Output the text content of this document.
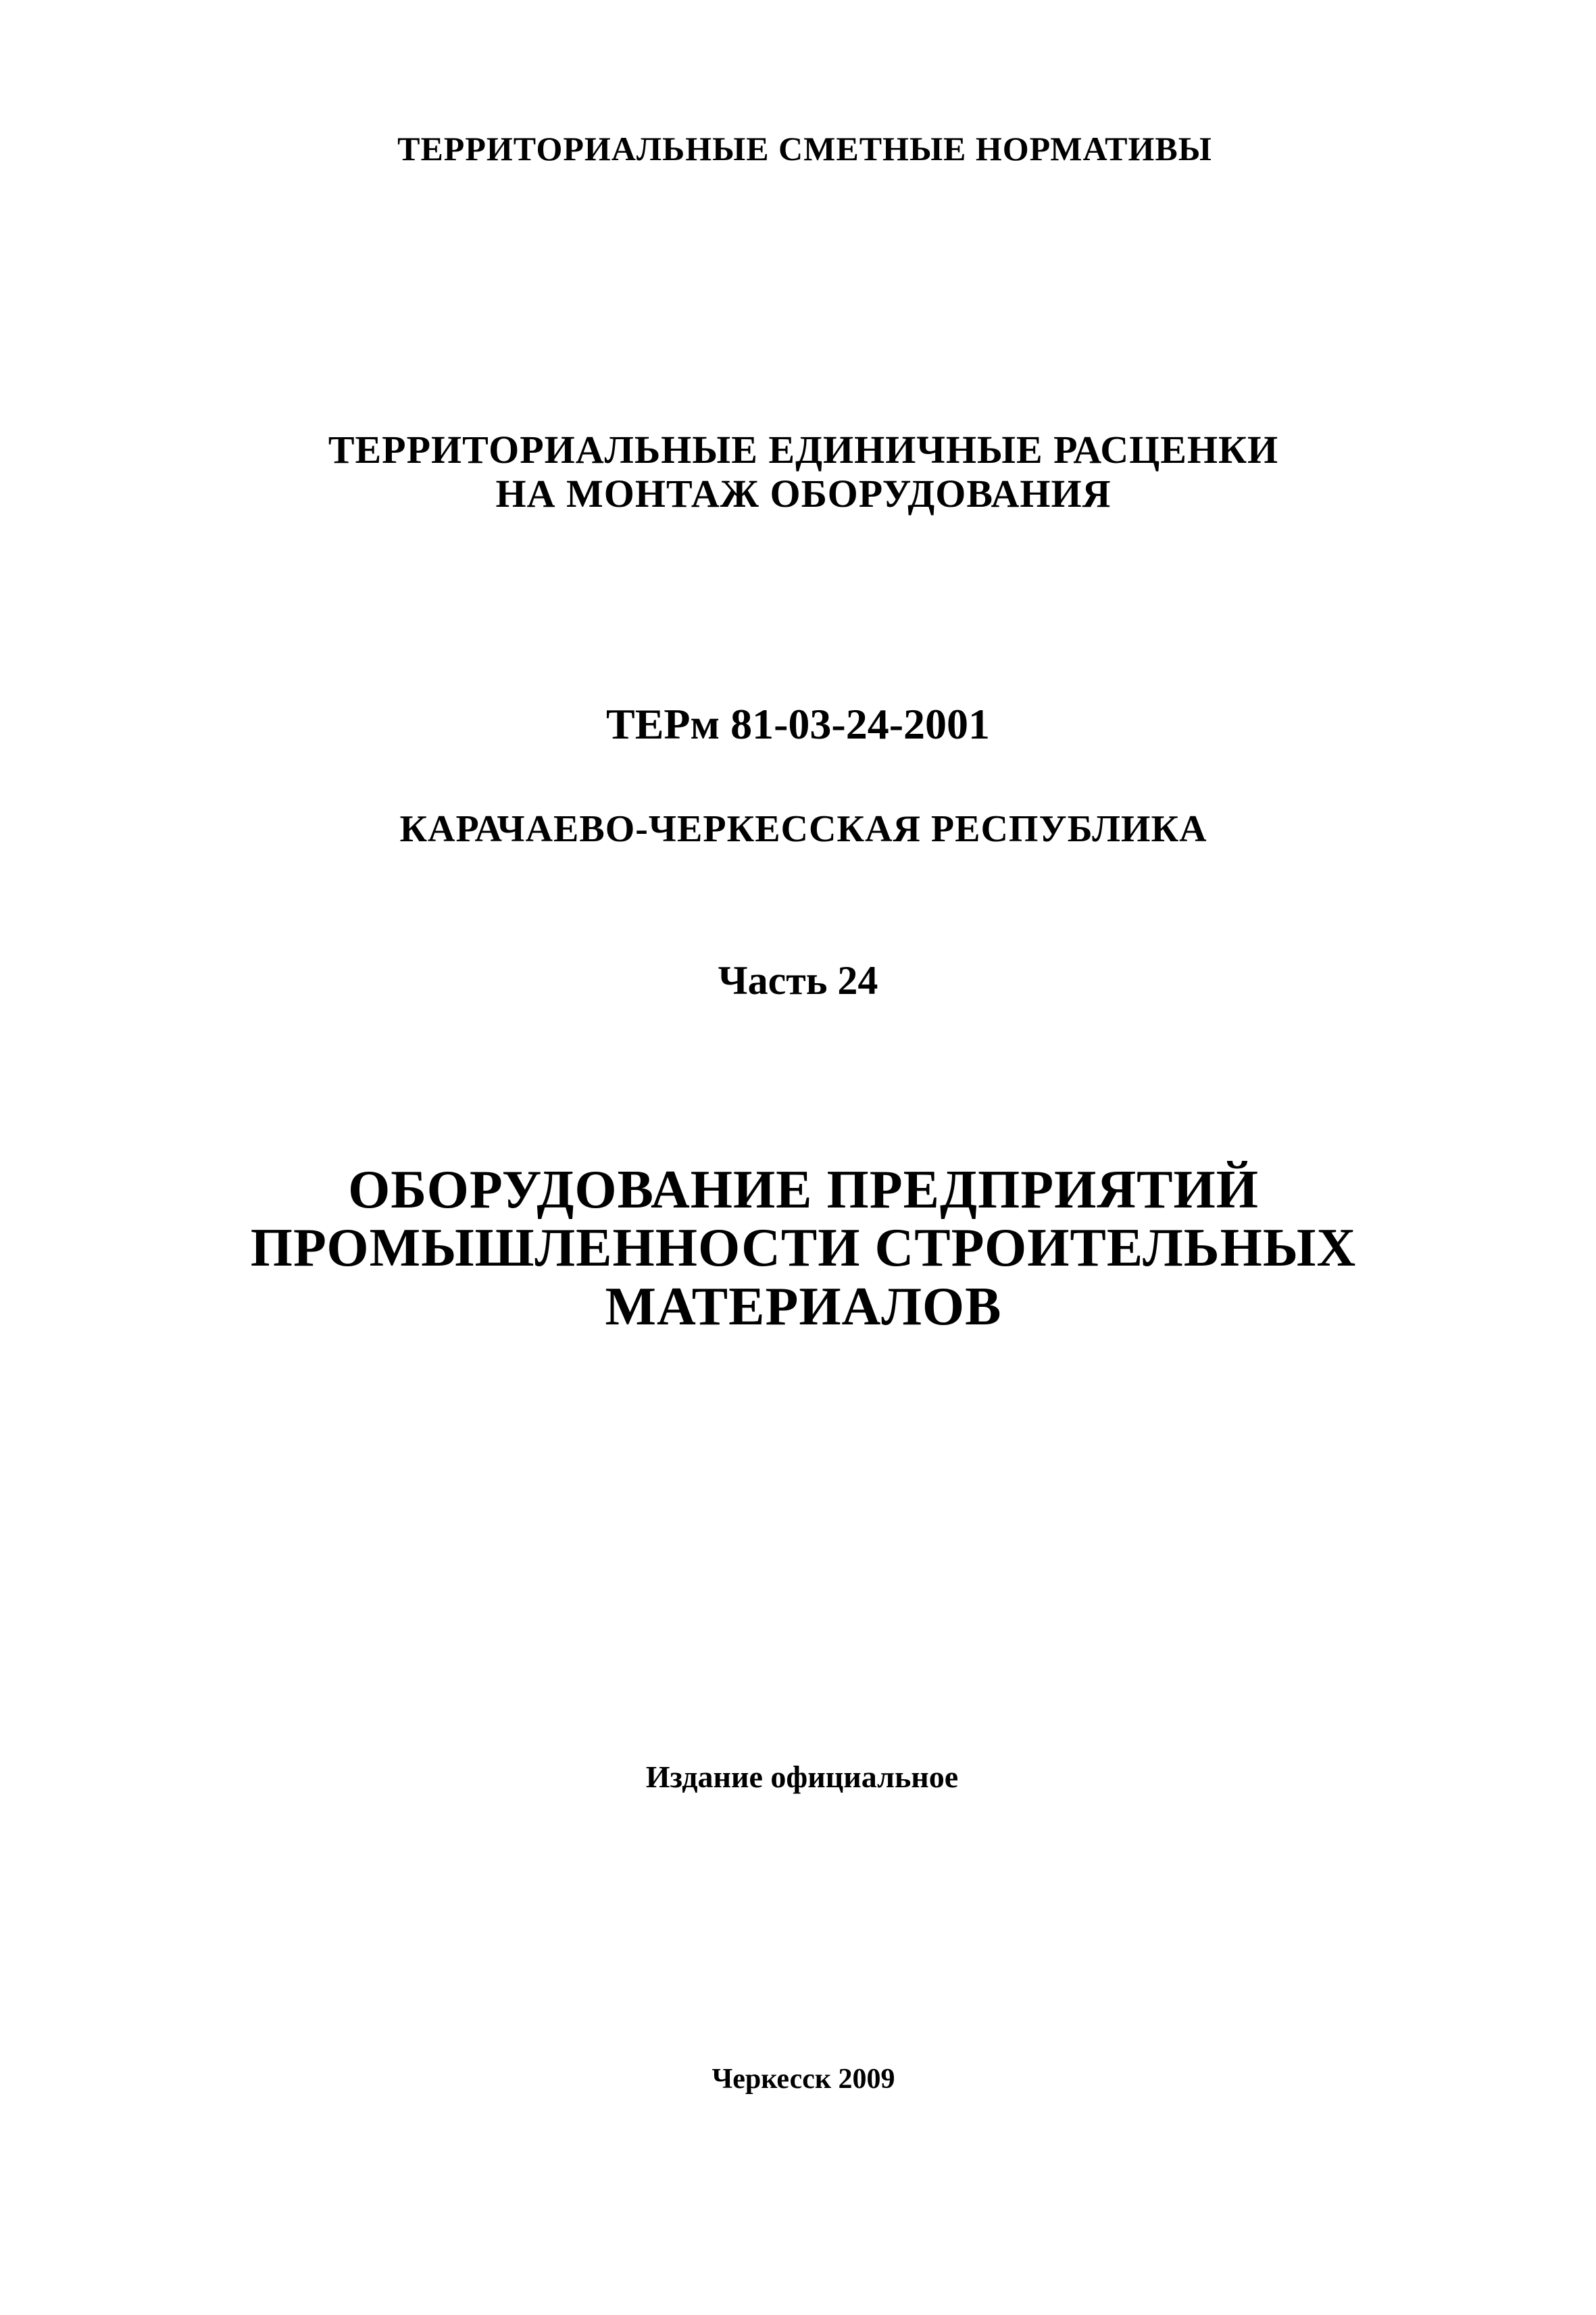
ТЕРРИТОРИАЛЬНЫЕ СМЕТНЫЕ НОРМАТИВЫ

ТЕРРИТОРИАЛЬНЫЕ ЕДИНИЧНЫЕ РАСЦЕНКИ
НА МОНТАЖ ОБОРУДОВАНИЯ

ТЕРм 81-03-24-2001

КАРАЧАЕВО-ЧЕРКЕССКАЯ РЕСПУБЛИКА

Часть 24

ОБОРУДОВАНИЕ ПРЕДПРИЯТИЙ
ПРОМЫШЛЕННОСТИ СТРОИТЕЛЬНЫХ
МАТЕРИАЛОВ

Издание официальное

Черкесск 2009
